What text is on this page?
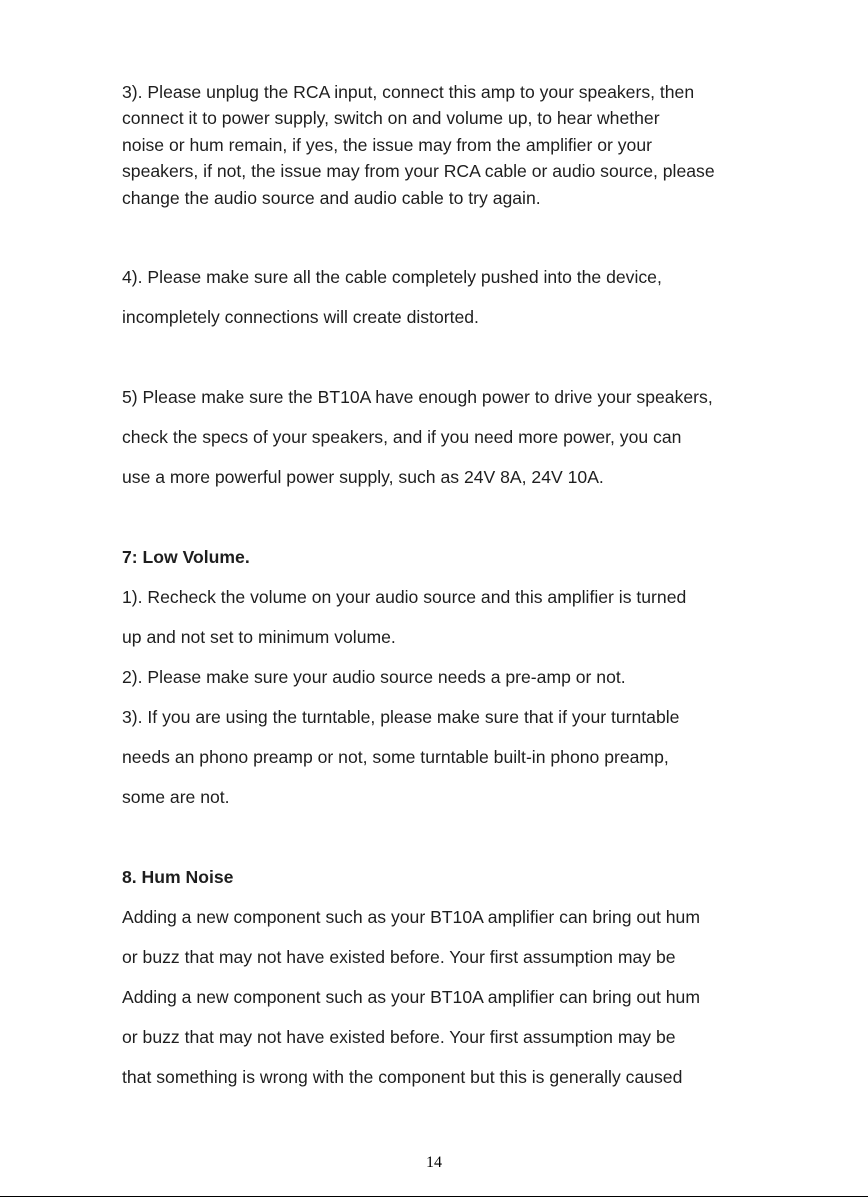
3). Please unplug the RCA input, connect this amp to your speakers, then

connect it to power supply, switch on and volume up, to hear whether

noise or hum remain, if yes, the issue may from the amplifier or your

speakers, if not, the issue may from your RCA cable or audio source, please

change the audio source and audio cable to try again.

4). Please make sure all the cable completely pushed into the device,

incompletely connections will create distorted.

5) Please make sure the BT10A have enough power to drive your speakers,

check the specs of your speakers, and if you need more power, you can

use a more powerful power supply, such as 24V 8A, 24V 10A.

7: Low Volume.

1). Recheck the volume on your audio source and this amplifier is turned

up and not set to minimum volume.

2). Please make sure your audio source needs a pre-amp or not.

3). If you are using the turntable, please make sure that if your turntable

needs an phono preamp or not, some turntable built-in phono preamp,

some are not.

8. Hum Noise

Adding a new component such as your BT10A amplifier can bring out hum

or buzz that may not have existed before. Your first assumption may be

Adding a new component such as your BT10A amplifier can bring out hum

or buzz that may not have existed before. Your first assumption may be

that something is wrong with the component but this is generally caused

14
